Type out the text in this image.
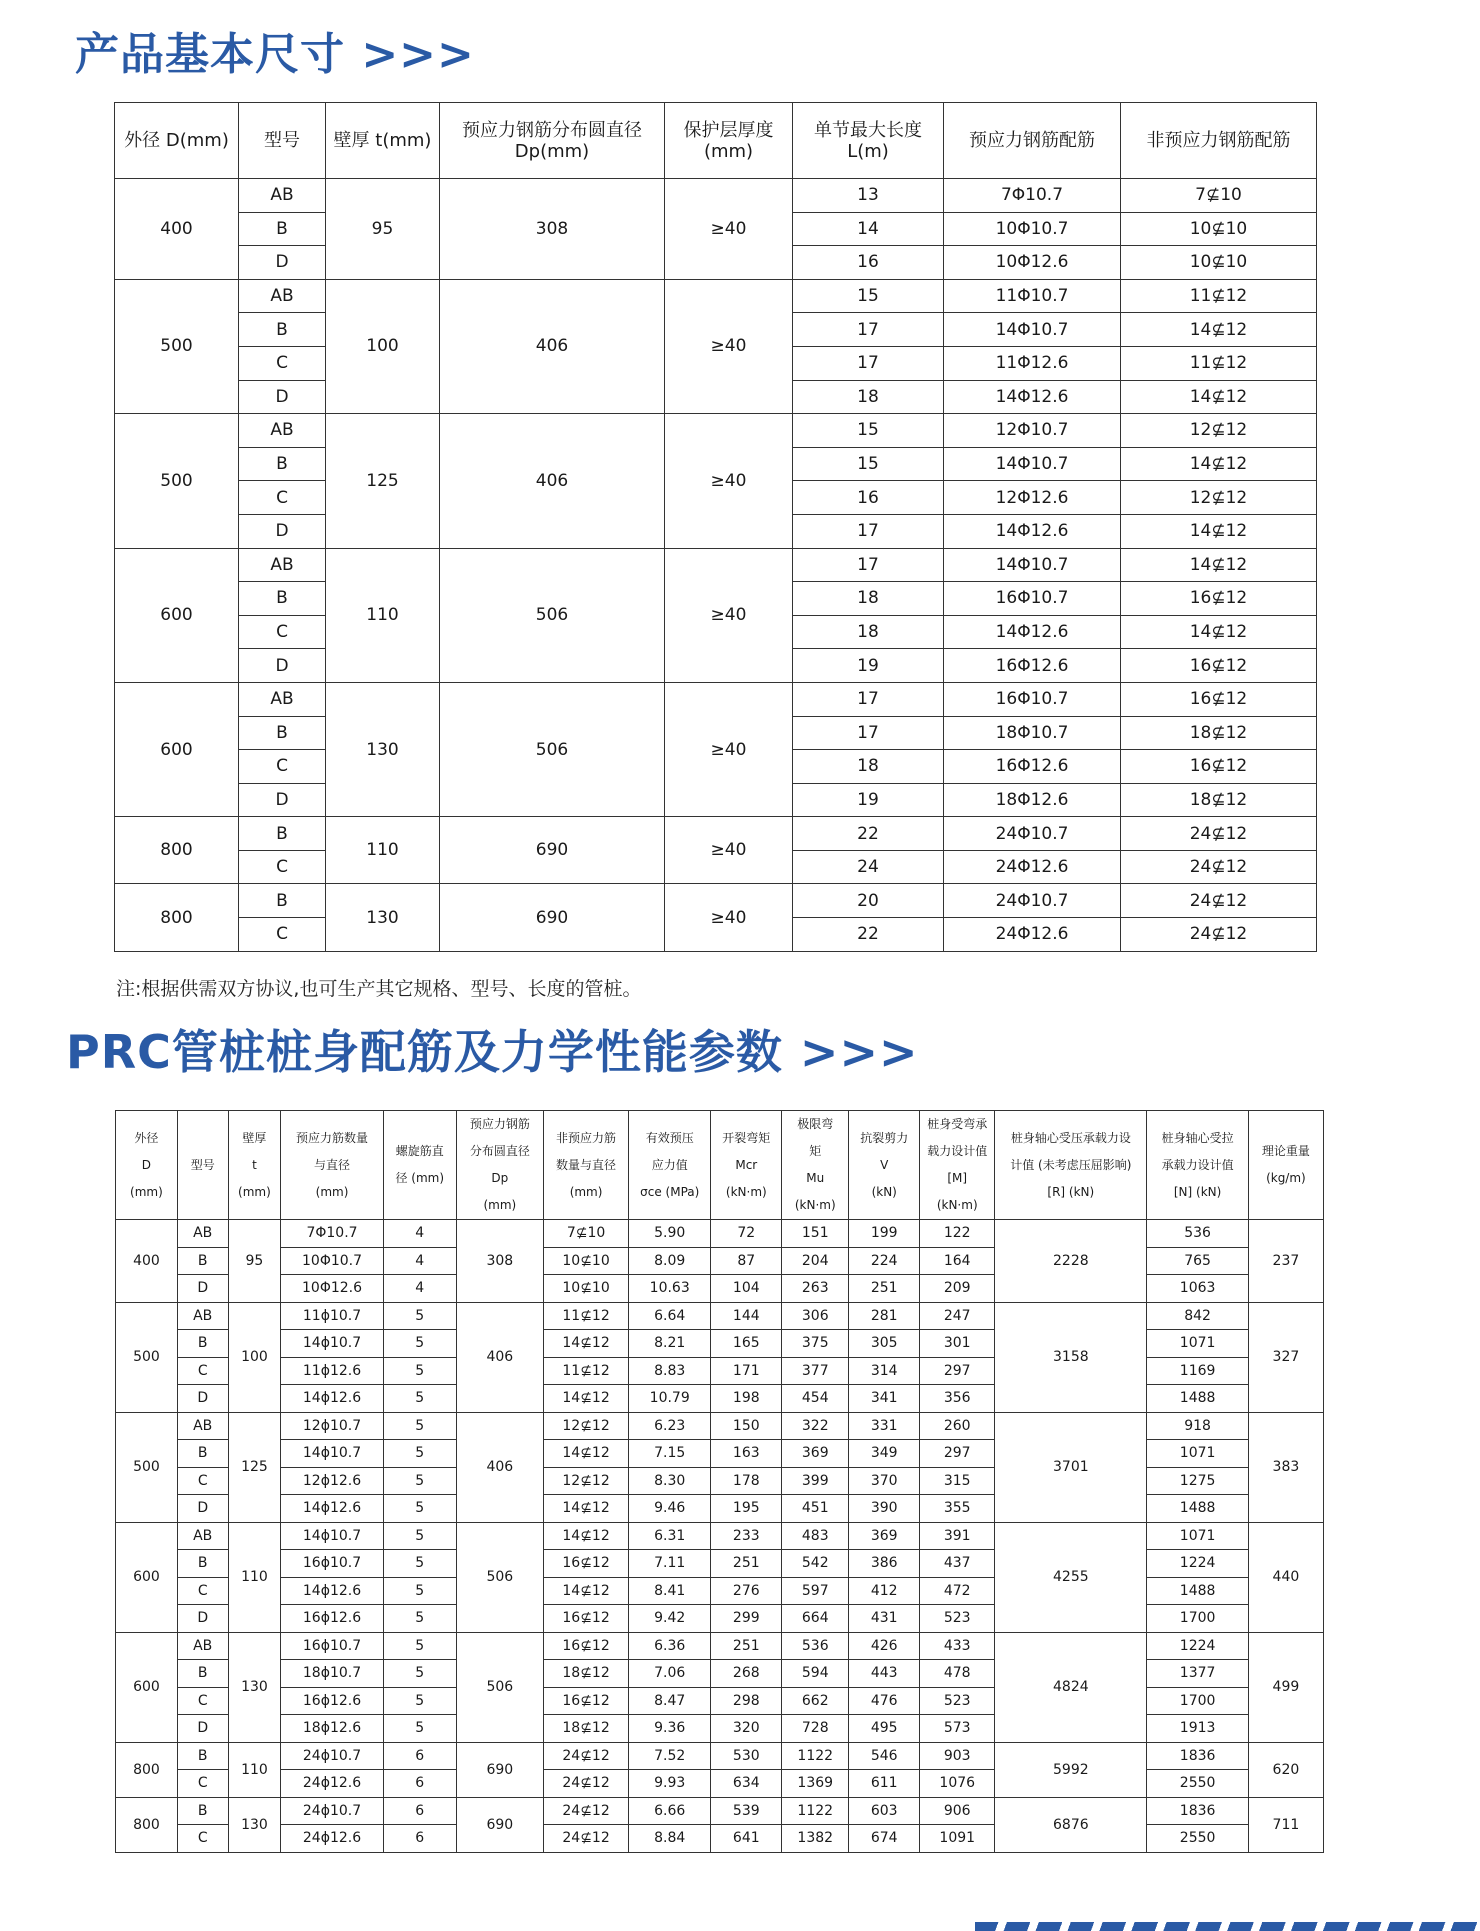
产品基本尺寸 >>>
外径 D(mm)	型号	壁厚 t(mm)	预应力钢筋分布圆直径 Dp(mm)	保护层厚度 (mm)	单节最大长度 L(m)	预应力钢筋配筋	非预应力钢筋配筋
400	AB	95	308	≥40	13	7Φ10.7	7⊈10
	B				14	10Φ10.7	10⊈10
	D				16	10Φ12.6	10⊈10
500	AB	100	406	≥40	15	11Φ10.7	11⊈12
	B				17	14Φ10.7	14⊈12
	C				17	11Φ12.6	11⊈12
	D				18	14Φ12.6	14⊈12
500	AB	125	406	≥40	15	12Φ10.7	12⊈12
	B				15	14Φ10.7	14⊈12
	C				16	12Φ12.6	12⊈12
	D				17	14Φ12.6	14⊈12
600	AB	110	506	≥40	17	14Φ10.7	14⊈12
	B				18	16Φ10.7	16⊈12
	C				18	14Φ12.6	14⊈12
	D				19	16Φ12.6	16⊈12
600	AB	130	506	≥40	17	16Φ10.7	16⊈12
	B				17	18Φ10.7	18⊈12
	C				18	16Φ12.6	16⊈12
	D				19	18Φ12.6	18⊈12
800	B	110	690	≥40	22	24Φ10.7	24⊈12
	C				24	24Φ12.6	24⊈12
800	B	130	690	≥40	20	24Φ10.7	24⊈12
	C				22	24Φ12.6	24⊈12
注:根据供需双方协议,也可生产其它规格、型号、长度的管桩。
PRC管桩桩身配筋及力学性能参数 >>>
外径
D
(mm)	型号	壁厚
t
(mm)	预应力筋数量
与直径
(mm)	螺旋筋直
径 (mm)	预应力钢筋
分布圆直径
Dp
(mm)	非预应力筋
数量与直径
(mm)	有效预压
应力值
σce (MPa)	开裂弯矩
Mcr
(kN·m)	极限弯
矩
Mu
(kN·m)	抗裂剪力
V
(kN)	桩身受弯承
载力设计值
[M]
(kN·m)	桩身轴心受压承载力设
计值 (未考虑压屈影响)
[R] (kN)	桩身轴心受拉
承载力设计值
[N] (kN)	理论重量
(kg/m)
400	AB	95	7Φ10.7	4	308	7⊈10	5.90	72	151	199	122	2228	536	237
	B		10Φ10.7	4		10⊈10	8.09	87	204	224	164		765	
	D		10Φ12.6	4		10⊈10	10.63	104	263	251	209		1063	
500	AB	100	11ϕ10.7	5	406	11⊈12	6.64	144	306	281	247	3158	842	327
	B		14ϕ10.7	5		14⊈12	8.21	165	375	305	301		1071	
	C		11ϕ12.6	5		11⊈12	8.83	171	377	314	297		1169	
	D		14ϕ12.6	5		14⊈12	10.79	198	454	341	356		1488	
500	AB	125	12ϕ10.7	5	406	12⊈12	6.23	150	322	331	260	3701	918	383
	B		14ϕ10.7	5		14⊈12	7.15	163	369	349	297		1071	
	C		12ϕ12.6	5		12⊈12	8.30	178	399	370	315		1275	
	D		14ϕ12.6	5		14⊈12	9.46	195	451	390	355		1488	
600	AB	110	14ϕ10.7	5	506	14⊈12	6.31	233	483	369	391	4255	1071	440
	B		16ϕ10.7	5		16⊈12	7.11	251	542	386	437		1224	
	C		14ϕ12.6	5		14⊈12	8.41	276	597	412	472		1488	
	D		16ϕ12.6	5		16⊈12	9.42	299	664	431	523		1700	
600	AB	130	16ϕ10.7	5	506	16⊈12	6.36	251	536	426	433	4824	1224	499
	B		18ϕ10.7	5		18⊈12	7.06	268	594	443	478		1377	
	C		16ϕ12.6	5		16⊈12	8.47	298	662	476	523		1700	
	D		18ϕ12.6	5		18⊈12	9.36	320	728	495	573		1913	
800	B	110	24ϕ10.7	6	690	24⊈12	7.52	530	1122	546	903	5992	1836	620
	C		24ϕ12.6	6		24⊈12	9.93	634	1369	611	1076		2550	
800	B	130	24ϕ10.7	6	690	24⊈12	6.66	539	1122	603	906	6876	1836	711
	C		24ϕ12.6	6		24⊈12	8.84	641	1382	674	1091		2550	
